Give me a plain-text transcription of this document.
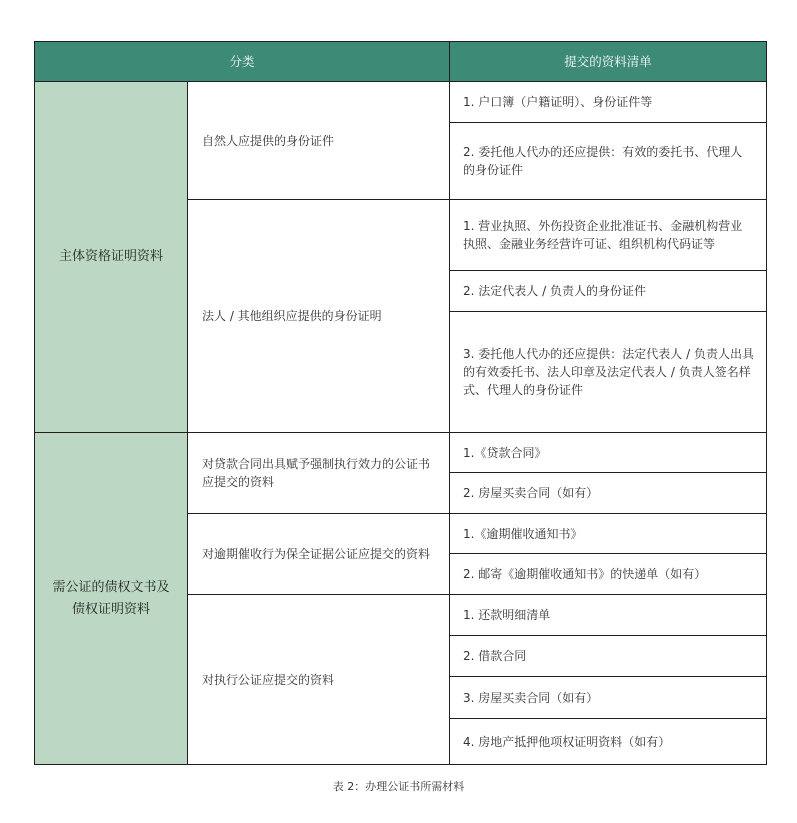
分类		提交的资料清单
主体资格证明资料	自然人应提供的身份证件	1. 户口簿（户籍证明）、身份证件等
		2. 委托他人代办的还应提供：有效的委托书、代理人的身份证件
	法人 / 其他组织应提供的身份证明	1. 营业执照、外伤投资企业批准证书、金融机构营业执照、金融业务经营许可证、组织机构代码证等
		2. 法定代表人 / 负责人的身份证件
		3. 委托他人代办的还应提供：法定代表人 / 负责人出具的有效委托书、法人印章及法定代表人 / 负责人签名样式、代理人的身份证件
需公证的债权文书及债权证明资料	对贷款合同出具赋予强制执行效力的公证书应提交的资料	1.《贷款合同》
		2. 房屋买卖合同（如有）
	对逾期催收行为保全证据公证应提交的资料	1.《逾期催收通知书》
		2. 邮寄《逾期催收通知书》的快递单（如有）
	对执行公证应提交的资料	1. 还款明细清单
		2. 借款合同
		3. 房屋买卖合同（如有）
		4. 房地产抵押他项权证明资料（如有）
表 2：办理公证书所需材料
